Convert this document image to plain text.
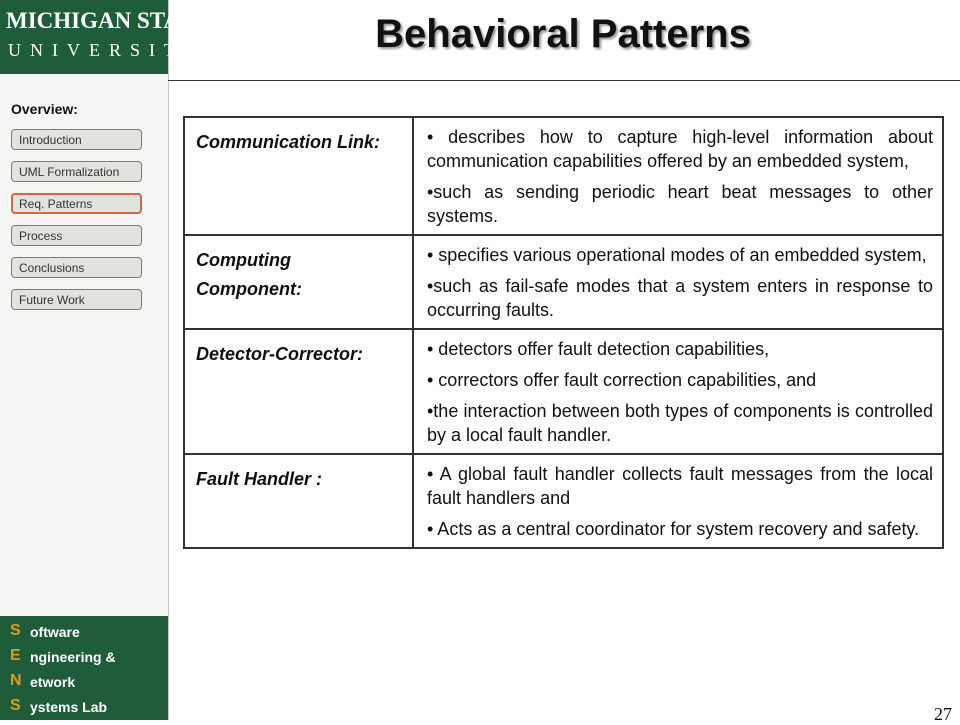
MICHIGAN STATE
UNIVERSITY
Overview:
Introduction
UML Formalization
Req. Patterns
Process
Conclusions
Future Work
S oftware
E ngineering &
N etwork
S ystems Lab
Behavioral Patterns
Communication Link:	• describes how to capture high-level information about communication capabilities offered by an embedded system,

•such as sending periodic heart beat messages to other systems.

Computing Component:	• specifies various operational modes of an embedded system,

•such as fail-safe modes that a system enters in response to occurring faults.

Detector-Corrector:	• detectors offer fault detection capabilities,

• correctors offer fault correction capabilities, and

•the interaction between both types of components is controlled by a local fault handler.

Fault Handler :	• A global fault handler collects fault messages from the local fault handlers and

• Acts as a central coordinator for system recovery and safety.

27
